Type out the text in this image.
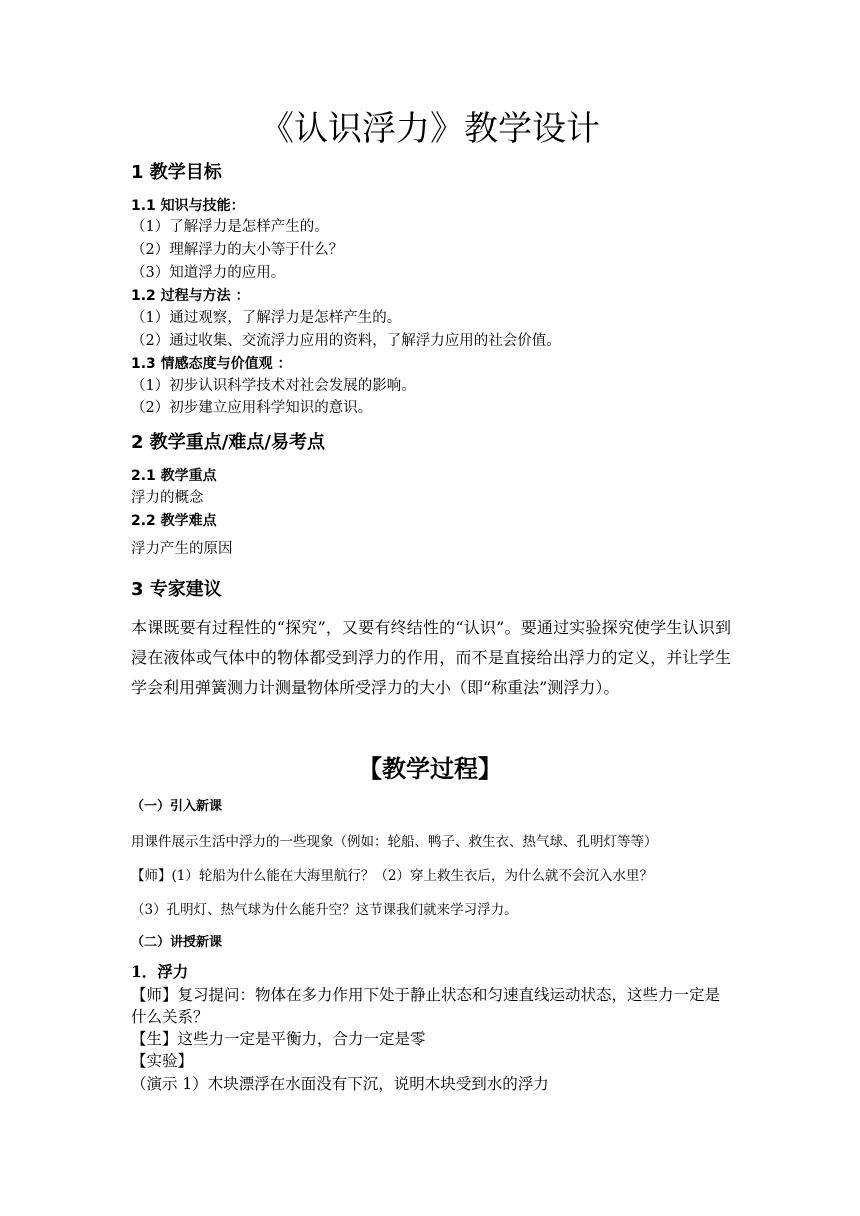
《认识浮力》教学设计
1 教学目标
1.1 知识与技能：

（1）了解浮力是怎样产生的。

（2）理解浮力的大小等于什么？

（3）知道浮力的应用。

1.2 过程与方法 ：

（1）通过观察，了解浮力是怎样产生的。

（2）通过收集、交流浮力应用的资料，了解浮力应用的社会价值。

1.3 情感态度与价值观 ：

（1）初步认识科学技术对社会发展的影响。

（2）初步建立应用科学知识的意识。

2 教学重点/难点/易考点
2.1 教学重点

浮力的概念

2.2 教学难点

浮力产生的原因

3 专家建议

本课既要有过程性的“探究”，又要有终结性的“认识”。要通过实验探究使学生认识到浸在液体或气体中的物体都受到浮力的作用，而不是直接给出浮力的定义，并让学生学会利用弹簧测力计测量物体所受浮力的大小（即“称重法”测浮力）。

【教学过程】
（一）引入新课

用课件展示生活中浮力的一些现象（例如：轮船、鸭子、救生衣、热气球、孔明灯等等）

【师】(1）轮船为什么能在大海里航行？（2）穿上救生衣后，为什么就不会沉入水里？

（3）孔明灯、热气球为什么能升空？这节课我们就来学习浮力。

（二）讲授新课

1．浮力

【师】复习提问：物体在多力作用下处于静止状态和匀速直线运动状态，这些力一定是什么关系？

【生】这些力一定是平衡力，合力一定是零

【实验】

（演示 1）木块漂浮在水面没有下沉，说明木块受到水的浮力
